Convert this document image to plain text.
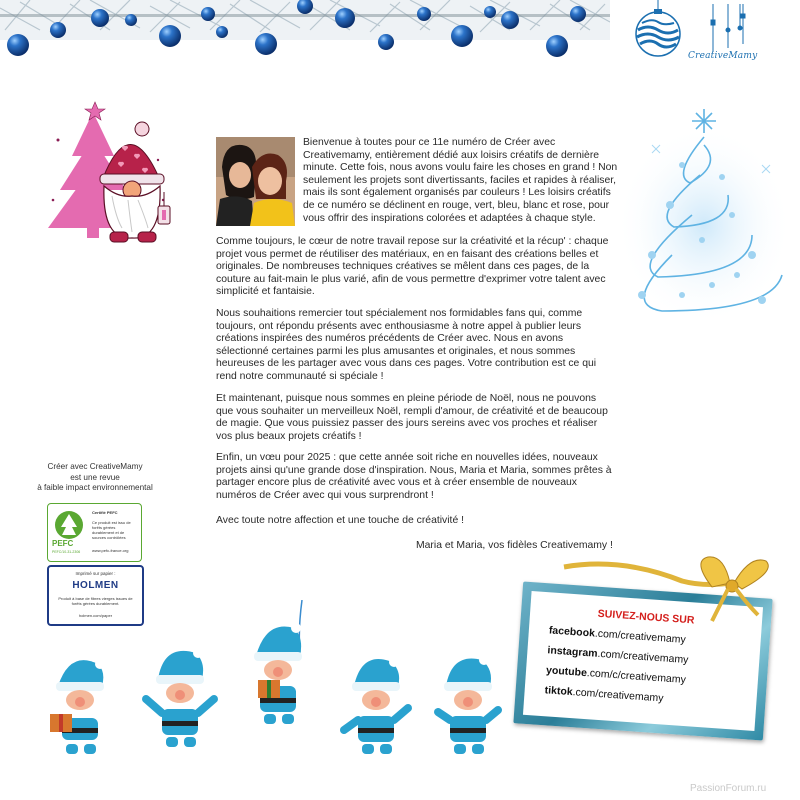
CreativeMamy
Bienvenue à toutes pour ce 11e numéro de Créer avec Creativemamy, entièrement dédié aux loisirs créatifs de dernière minute. Cette fois, nous avons voulu faire les choses en grand ! Non seulement les projets sont divertissants, faciles et rapides à réaliser, mais ils sont également organisés par couleurs ! Les loisirs créatifs de ce numéro se déclinent en rouge, vert, bleu, blanc et rose, pour vous offrir des inspirations colorées et adaptées à chaque style.
Comme toujours, le cœur de notre travail repose sur la créativité et la récup' : chaque projet vous permet de réutiliser des matériaux, en en faisant des créations belles et originales. De nombreuses techniques créatives se mêlent dans ces pages, de la couture au fait-main le plus varié, afin de vous permettre d'exprimer votre talent avec simplicité et fantaisie.
Nous souhaitions remercier tout spécialement nos formidables fans qui, comme toujours, ont répondu présents avec enthousiasme à notre appel à publier leurs créations inspirées des numéros précédents de Créer avec. Nous en avons sélectionné certaines parmi les plus amusantes et originales, et nous sommes heureuses de les partager avec vous dans ces pages. Votre contribution est ce qui rend notre communauté si spéciale !
Et maintenant, puisque nous sommes en pleine période de Noël, nous ne pouvons que vous souhaiter un merveilleux Noël, rempli d'amour, de créativité et de beaucoup de magie. Que vous puissiez passer des jours sereins avec vos proches et réaliser vos plus beaux projets créatifs !
Enfin, un vœu pour 2025 : que cette année soit riche en nouvelles idées, nouveaux projets ainsi qu'une grande dose d'inspiration. Nous, Maria et Maria, sommes prêtes à partager encore plus de créativité avec vous et à créer ensemble de nouveaux numéros de Créer avec qui vous surprendront !
Avec toute notre affection et une touche de créativité !
Maria et Maria, vos fidèles Creativemamy !
Créer avec CreativeMamy
est une revue
à faible impact environnemental
PEFC
PEFC/10-31-2306
Certifié PEFC
Ce produit est issu de forêts gérées durablement et de sources contrôlées
www.pefc-france.org
Imprimé sur papier :
HOLMEN
Produit à base de fibres vierges issues de forêts gérées durablement.
holmen.com/paper	SUIVEZ-NOUS SUR
facebook.com/creativemamy
instagram.com/creativemamy
youtube.com/c/creativemamy
tiktok.com/creativemamy
PassionForum.ru
